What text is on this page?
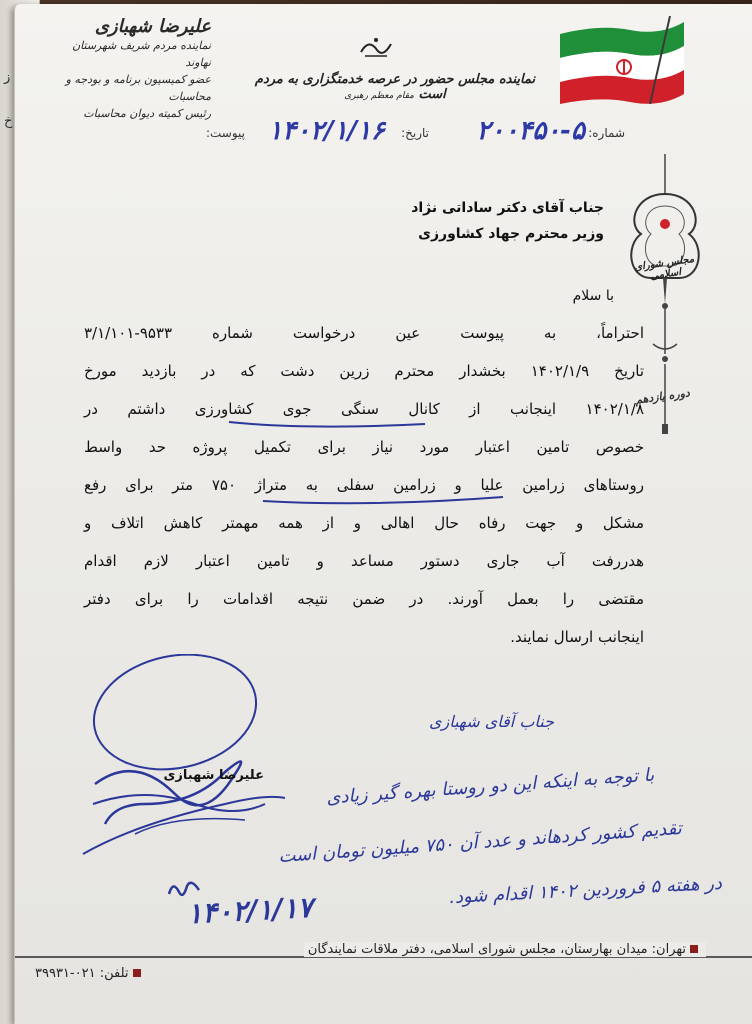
ز
خ
علیرضا شهبازی
نماینده مردم شریف شهرستان نهاوند
عضو کمیسیون برنامه و بودجه و محاسبات
رئیس کمیته دیوان محاسبات
نماینده مجلس حضور در عرصه خدمتگزاری به مردم است مقام معظم رهبری
شماره:
۲۰۰۴۵۰-۵
تاریخ:
۱۴۰۲/۱/۱۶
پیوست:
مجلس شورای اسلامی
دوره یازدهم
جناب آقای دکتر ساداتی نژاد
وزیر محترم جهاد کشاورزی
با سلام

احتراماً، به پیوست عین درخواست شماره ۹۵۳۳-۳/۱/۱۰۱

تاریخ ۱۴۰۲/۱/۹ بخشدار محترم زرین دشت که در بازدید مورخ

۱۴۰۲/۱/۸ اینجانب از کانال سنگی جوی کشاورزی داشتم در

خصوص تامین اعتبار مورد نیاز برای تکمیل پروژه حد واسط

روستاهای زرامین علیا و زرامین سفلی به متراژ ۷۵۰ متر برای رفع

مشکل و جهت رفاه حال اهالی و از همه مهمتر کاهش اتلاف و

هدررفت آب جاری دستور مساعد و تامین اعتبار لازم اقدام

مقتضی را بعمل آورند. در ضمن نتیجه اقدامات را برای دفتر

اینجانب ارسال نمایند.

علیرضا شهبازی
جناب آقای شهبازی
با توجه به اینکه این دو روستا بهره گیر زیادی
تقدیم کشور کردهاند و عدد آن ۷۵۰ میلیون تومان است
در هفته ۵ فروردین ۱۴۰۲ اقدام شود.
۱۴۰۲/۱/۱۷
تهران: میدان بهارستان، مجلس شورای اسلامی، دفتر ملاقات نمایندگان
تلفن: ۰۲۱-۳۹۹۳۱
